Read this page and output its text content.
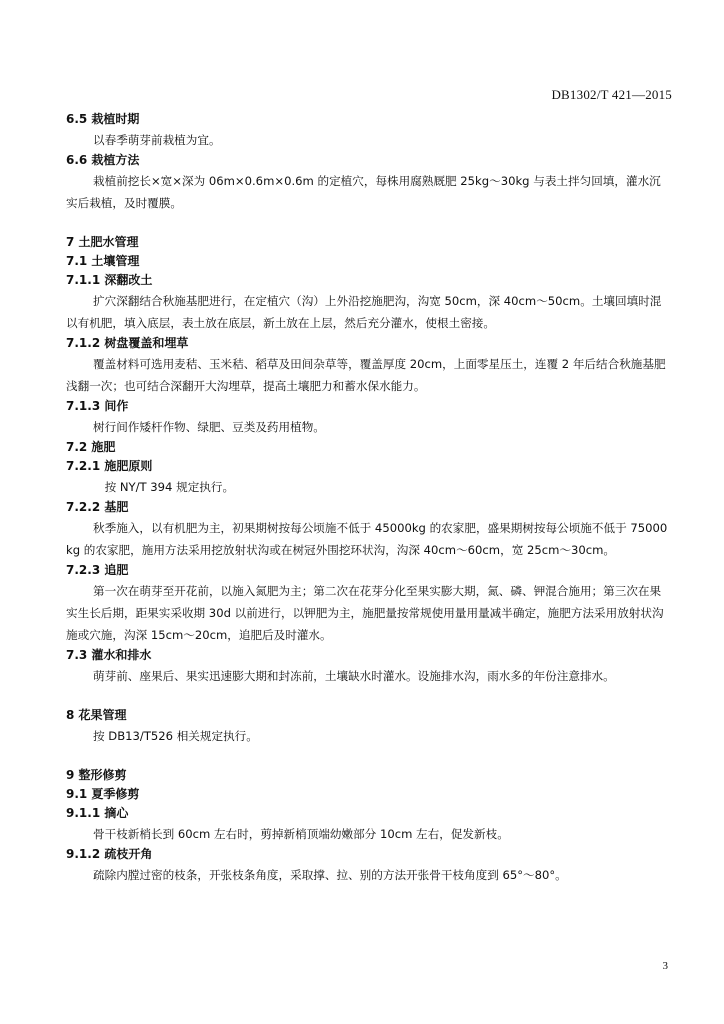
DB1302/T 421—2015
6.5 栽植时期
以春季萌芽前栽植为宜。
6.6 栽植方法
栽植前挖长×宽×深为 06m×0.6m×0.6m 的定植穴，每株用腐熟厩肥 25kg～30kg 与表土拌匀回填，灌水沉实后栽植，及时覆膜。
7 土肥水管理
7.1 土壤管理
7.1.1 深翻改土
扩穴深翻结合秋施基肥进行，在定植穴（沟）上外沿挖施肥沟，沟宽 50cm，深 40cm～50cm。土壤回填时混以有机肥，填入底层，表土放在底层，新土放在上层，然后充分灌水，使根土密接。
7.1.2 树盘覆盖和埋草
覆盖材料可选用麦秸、玉米秸、稻草及田间杂草等，覆盖厚度 20cm，上面零星压土，连覆 2 年后结合秋施基肥浅翻一次；也可结合深翻开大沟埋草，提高土壤肥力和蓄水保水能力。
7.1.3 间作
树行间作矮杆作物、绿肥、豆类及药用植物。
7.2 施肥
7.2.1 施肥原则
　按 NY/T 394 规定执行。
7.2.2 基肥
秋季施入，以有机肥为主，初果期树按每公顷施不低于 45000kg 的农家肥，盛果期树按每公顷施不低于 75000kg 的农家肥，施用方法采用挖放射状沟或在树冠外围挖环状沟，沟深 40cm～60cm，宽 25cm～30cm。
7.2.3 追肥
第一次在萌芽至开花前，以施入氮肥为主；第二次在花芽分化至果实膨大期，氮、磷、钾混合施用；第三次在果实生长后期，距果实采收期 30d 以前进行，以钾肥为主，施肥量按常规使用量用量减半确定，施肥方法采用放射状沟施或穴施，沟深 15cm～20cm，追肥后及时灌水。
7.3 灌水和排水
萌芽前、座果后、果实迅速膨大期和封冻前，土壤缺水时灌水。设施排水沟，雨水多的年份注意排水。
8 花果管理
按 DB13/T526 相关规定执行。
9 整形修剪
9.1 夏季修剪
9.1.1 摘心
骨干枝新梢长到 60cm 左右时，剪掉新梢顶端幼嫩部分 10cm 左右，促发新枝。
9.1.2 疏枝开角
疏除内膛过密的枝条，开张枝条角度，采取撑、拉、别的方法开张骨干枝角度到 65°～80°。
3
